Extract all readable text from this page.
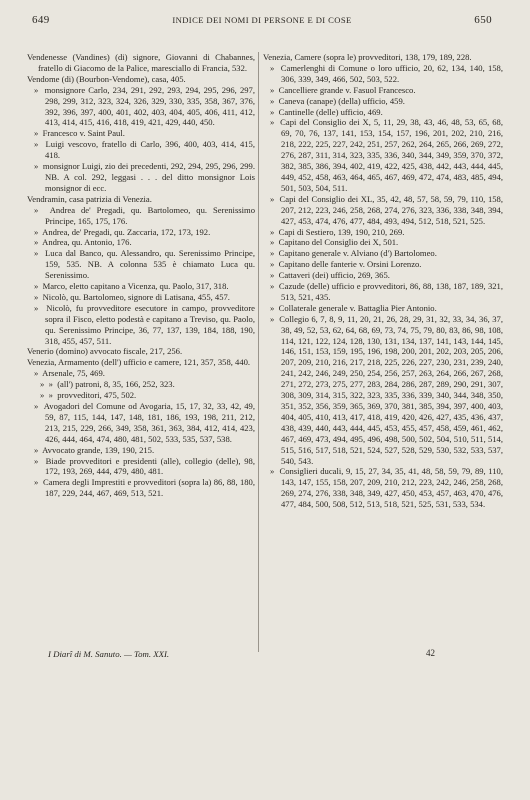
649	INDICE DEI NOMI DI PERSONE E DI COSE	650
Vendenesse (Vandines) (di) signore, Giovanni di Chabannes, fratello di Giacomo de la Palice, maresciallo di Francia, 532.
Vendome (di) (Bourbon-Vendome), casa, 405.
»  monsignore Carlo, 234, 291, 292, 293, 294, 295, 296, 297, 298, 299, 312, 323, 324, 326, 329, 330, 335, 358, 367, 376, 392, 396, 397, 400, 401, 402, 403, 404, 405, 406, 411, 412, 413, 414, 415, 416, 418, 419, 421, 429, 440, 450.
»  Francesco v. Saint Paul.
»  Luigi vescovo, fratello di Carlo, 396, 400, 403, 414, 415, 418.
»  monsignor Luigi, zio dei precedenti, 292, 294, 295, 296, 299. NB. A col. 292, leggasi . . . del ditto monsignor Lois monsignor di ecc.
Vendramin, casa patrizia di Venezia.
»  Andrea de' Pregadi, qu. Bartolomeo, qu. Serenissimo Principe, 165, 175, 176.
»  Andrea, de' Pregadi, qu. Zaccaria, 172, 173, 192.
»  Andrea, qu. Antonio, 176.
»  Luca dal Banco, qu. Alessandro, qu. Serenissimo Principe, 159, 535. NB. A colonna 535 è chiamato Luca qu. Serenissimo.
»  Marco, eletto capitano a Vicenza, qu. Paolo, 317, 318.
»  Nicolò, qu. Bartolomeo, signore di Latisana, 455, 457.
»  Nicolò, fu provveditore esecutore in campo, provveditore sopra il Fisco, eletto podestà e capitano a Treviso, qu. Paolo, qu. Serenissimo Principe, 36, 77, 137, 139, 184, 188, 190, 318, 455, 457, 511.
Venerio (domino) avvocato fiscale, 217, 256.
Venezia, Armamento (dell') ufficio e camere, 121, 357, 358, 440.
»  Arsenale, 75, 469.
»  »  (all') patroni, 8, 35, 166, 252, 323.
»  »  provveditori, 475, 502.
»  Avogadori del Comune od Avogaria, 15, 17, 32, 33, 42, 49, 59, 87, 115, 144, 147, 148, 181, 186, 193, 198, 211, 212, 213, 215, 229, 266, 349, 358, 361, 363, 384, 412, 414, 423, 426, 444, 464, 474, 480, 481, 502, 533, 535, 537, 538.
»  Avvocato grande, 139, 190, 215.
»  Biade provveditori e presidenti (alle), collegio (delle), 98, 172, 193, 269, 444, 479, 480, 481.
»  Camera degli Imprestiti e provveditori (sopra la) 86, 88, 180, 187, 229, 244, 467, 469, 513, 521.
Venezia, Camere (sopra le) provveditori, 138, 179, 189, 228.
»  Camerlenghi di Comune o loro ufficio, 20, 62, 134, 140, 158, 306, 339, 349, 466, 502, 503, 522.
»  Cancelliere grande v. Fasuol Francesco.
»  Caneva (canape) (della) ufficio, 459.
»  Cantinelle (delle) ufficio, 469.
»  Capi del Consiglio dei X, 5, 11, 29, 38, 43, 46, 48, 53, 65, 68, 69, 70, 76, 137, 141, 153, 154, 157, 196, 201, 202, 210, 216, 218, 222, 225, 227, 242, 251, 257, 262, 264, 265, 266, 269, 272, 276, 287, 311, 314, 323, 335, 336, 340, 344, 349, 359, 370, 372, 382, 385, 386, 394, 402, 419, 422, 425, 438, 442, 443, 444, 445, 449, 452, 458, 463, 464, 465, 467, 469, 472, 474, 483, 485, 494, 501, 503, 504, 511.
»  Capi del Consiglio dei XL, 35, 42, 48, 57, 58, 59, 79, 110, 158, 207, 212, 223, 246, 258, 268, 274, 276, 323, 336, 338, 348, 394, 427, 453, 474, 476, 477, 484, 493, 494, 512, 518, 521, 525.
»  Capi di Sestiero, 139, 190, 210, 269.
»  Capitano del Consiglio dei X, 501.
»  Capitano generale v. Alviano (d') Bartolomeo.
»  Capitano delle fanterie v. Orsini Lorenzo.
»  Cattaveri (dei) ufficio, 269, 365.
»  Cazude (delle) ufficio e provveditori, 86, 88, 138, 187, 189, 321, 513, 521, 435.
»  Collaterale generale v. Battaglia Pier Antonio.
»  Collegio 6, 7, 8, 9, 11, 20, 21, 26, 28, 29, 31, 32, 33, 34, 36, 37, 38, 49, 52, 53, 62, 64, 68, 69, 73, 74, 75, 79, 80, 83, 86, 98, 108, 114, 121, 122, 124, 128, 130, 131, 134, 137, 141, 143, 144, 145, 146, 151, 153, 159, 195, 196, 198, 200, 201, 202, 203, 205, 206, 207, 209, 210, 216, 217, 218, 225, 226, 227, 230, 231, 239, 240, 241, 242, 246, 249, 250, 254, 256, 257, 263, 264, 266, 267, 268, 271, 272, 273, 275, 277, 283, 284, 286, 287, 289, 290, 291, 307, 308, 309, 314, 315, 322, 323, 335, 336, 339, 340, 344, 348, 350, 351, 352, 356, 359, 365, 369, 370, 381, 385, 394, 397, 400, 403, 404, 405, 410, 413, 417, 418, 419, 420, 426, 427, 435, 436, 437, 438, 439, 440, 443, 444, 445, 453, 455, 457, 458, 459, 461, 462, 467, 469, 473, 494, 495, 496, 498, 500, 502, 504, 510, 511, 514, 515, 516, 517, 518, 521, 524, 527, 528, 529, 530, 532, 533, 537, 540, 543.
»  Consiglieri ducali, 9, 15, 27, 34, 35, 41, 48, 58, 59, 79, 89, 110, 143, 147, 155, 158, 207, 209, 210, 212, 223, 242, 246, 258, 268, 269, 274, 276, 338, 348, 349, 427, 450, 453, 457, 463, 470, 476, 477, 484, 500, 508, 512, 513, 518, 521, 525, 531, 533, 534.
I Diarî di M. Sanuto. — Tom. XXI.	42
